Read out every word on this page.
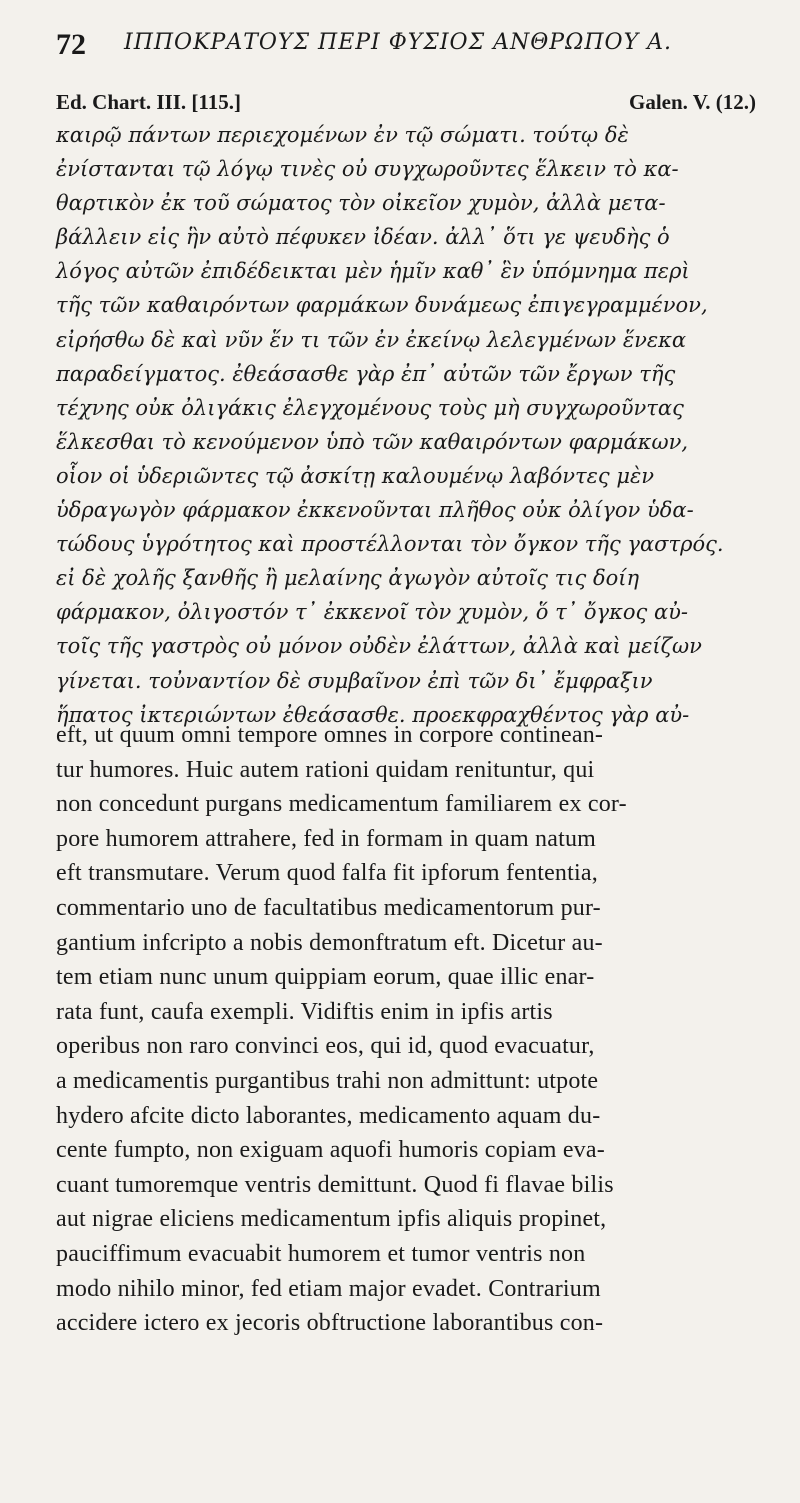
72 ΙΠΠΟΚΡΑΤΟΥΣ ΠΕΡΙ ΦΥΣΙΟΣ ΑΝΘΡΩΠΟΥ Α.
Ed. Chart. III. [115.]	Galen. V. (12.)
καιρῷ πάντων περιεχομένων ἐν τῷ σώματι. τούτῳ δὲ
ἐνίστανται τῷ λόγῳ τινὲς οὐ συγχωροῦντες ἕλκειν τὸ κα-
θαρτικὸν ἐκ τοῦ σώματος τὸν οἰκεῖον χυμὸν, ἀλλὰ μετα-
βάλλειν εἰς ἣν αὐτὸ πέφυκεν ἰδέαν. ἀλλ᾽ ὅτι γε ψευδὴς ὁ
λόγος αὐτῶν ἐπιδέδεικται μὲν ἡμῖν καθ᾽ ἓν ὑπόμνημα περὶ
τῆς τῶν καθαιρόντων φαρμάκων δυνάμεως ἐπιγεγραμμένον,
εἰρήσθω δὲ καὶ νῦν ἕν τι τῶν ἐν ἐκείνῳ λελεγμένων ἕνεκα
παραδείγματος. ἐθεάσασθε γὰρ ἐπ᾽ αὐτῶν τῶν ἔργων τῆς
τέχνης οὐκ ὀλιγάκις ἐλεγχομένους τοὺς μὴ συγχωροῦντας
ἕλκεσθαι τὸ κενούμενον ὑπὸ τῶν καθαιρόντων φαρμάκων,
οἷον οἱ ὑδεριῶντες τῷ ἀσκίτῃ καλουμένῳ λαβόντες μὲν
ὑδραγωγὸν φάρμακον ἐκκενοῦνται πλῆθος οὐκ ὀλίγον ὑδα-
τώδους ὑγρότητος καὶ προστέλλονται τὸν ὄγκον τῆς γαστρός.
εἰ δὲ χολῆς ξανθῆς ἢ μελαίνης ἀγωγὸν αὐτοῖς τις δοίη
φάρμακον, ὀλιγοστόν τ᾽ ἐκκενοῖ τὸν χυμὸν, ὅ τ᾽ ὄγκος αὐ-
τοῖς τῆς γαστρὸς οὐ μόνον οὐδὲν ἐλάττων, ἀλλὰ καὶ μείζων
γίνεται. τοὐναντίον δὲ συμβαῖνον ἐπὶ τῶν δι᾽ ἔμφραξιν
ἥπατος ἰκτεριώντων ἐθεάσασθε. προεκφραχθέντος γὰρ αὐ-
eft, ut quum omni tempore omnes in corpore continean-
tur humores. Huic autem rationi quidam renituntur, qui
non concedunt purgans medicamentum familiarem ex cor-
pore humorem attrahere, fed in formam in quam natum
eft transmutare. Verum quod falfa fit ipforum fententia,
commentario uno de facultatibus medicamentorum pur-
gantium infcripto a nobis demonftratum eft. Dicetur au-
tem etiam nunc unum quippiam eorum, quae illic enar-
rata funt, caufa exempli. Vidiftis enim in ipfis artis
operibus non raro convinci eos, qui id, quod evacuatur,
a medicamentis purgantibus trahi non admittunt: utpote
hydero afcite dicto laborantes, medicamento aquam du-
cente fumpto, non exiguam aquofi humoris copiam eva-
cuant tumoremque ventris demittunt. Quod fi flavae bilis
aut nigrae eliciens medicamentum ipfis aliquis propinet,
pauciffimum evacuabit humorem et tumor ventris non
modo nihilo minor, fed etiam major evadet. Contrarium
accidere ictero ex jecoris obftructione laborantibus con-
